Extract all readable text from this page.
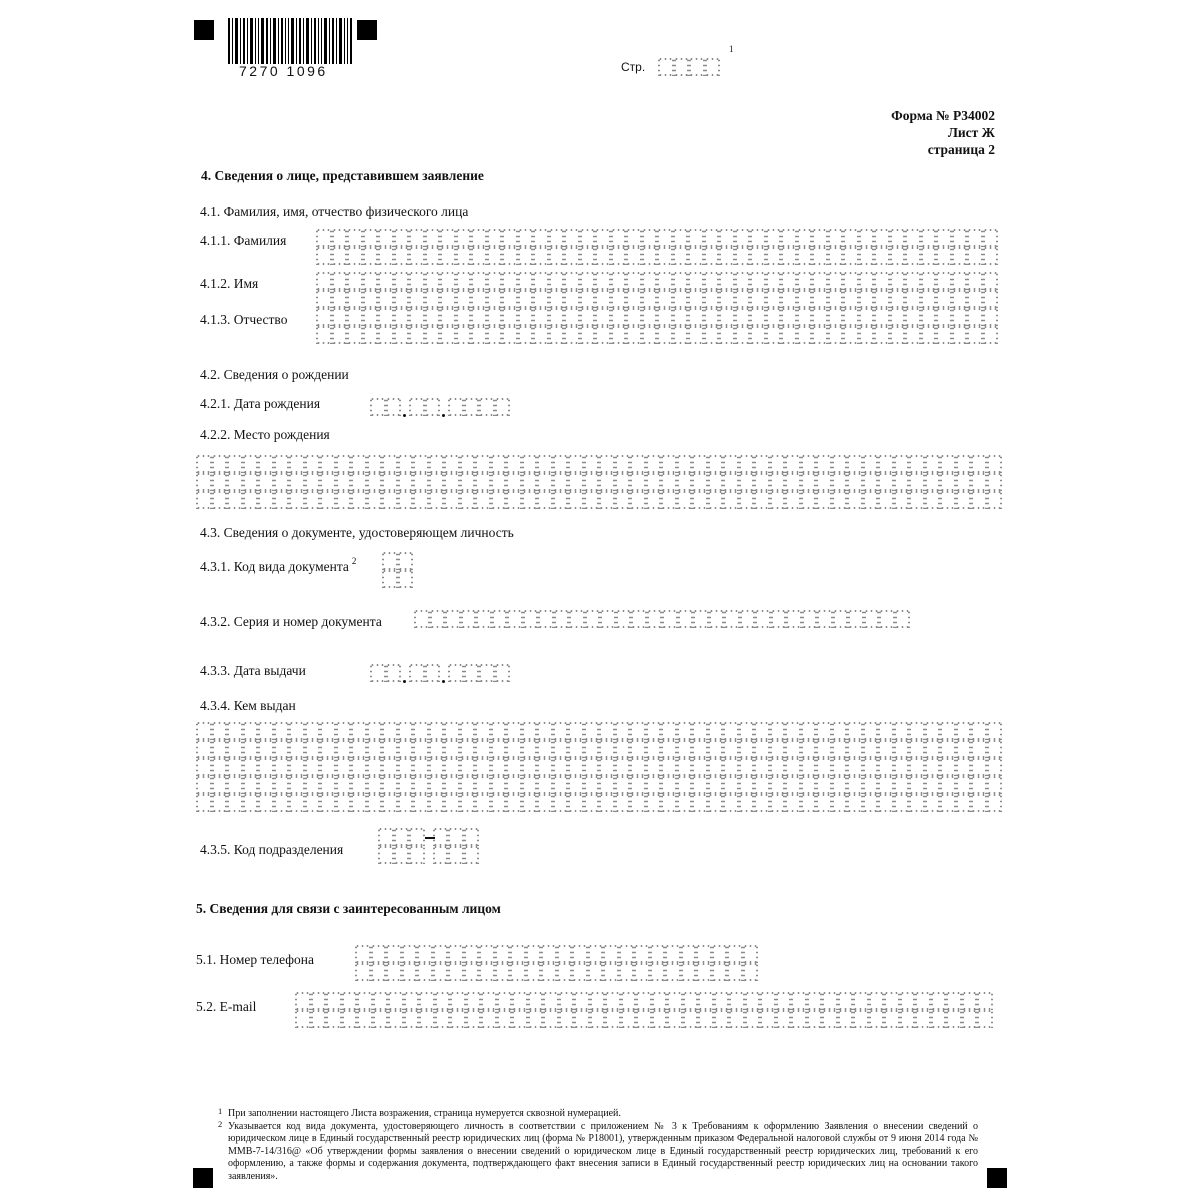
7270 1096	Стр.
1
Форма № Р34002
Лист Ж
страница 2
4. Сведения о лице, представившем заявление
4.1. Фамилия, имя, отчество физического лица
4.1.1. Фамилия
4.1.2. Имя
4.1.3. Отчество
4.2. Сведения о рождении
4.2.1. Дата рождения
4.2.2. Место рождения
4.3. Сведения о документе, удостоверяющем личность
4.3.1. Код вида документа $^2$
4.3.2. Серия и номер документа
4.3.3. Дата выдачи
4.3.4. Кем выдан
4.3.5. Код подразделения
5. Сведения для связи с заинтересованным лицом
5.1. Номер телефона
5.2. E-mail
1 При заполнении настоящего Листа возражения, страница нумеруется сквозной нумерацией.
2 Указывается код вида документа, удостоверяющего личность в соответствии с приложением № 3 к Требованиям к оформлению Заявления о внесении сведений о юридическом лице в Единый государственный реестр юридических лиц (форма № Р18001), утвержденным приказом Федеральной налоговой службы от 9 июня 2014 года № ММВ-7-14/316@ «Об утверждении формы заявления о внесении сведений о юридическом лице в Единый государственный реестр юридических лиц, требований к его оформлению, а также формы и содержания документа, подтверждающего факт внесения записи в Единый государственный реестр юридических лиц на основании такого заявления».
